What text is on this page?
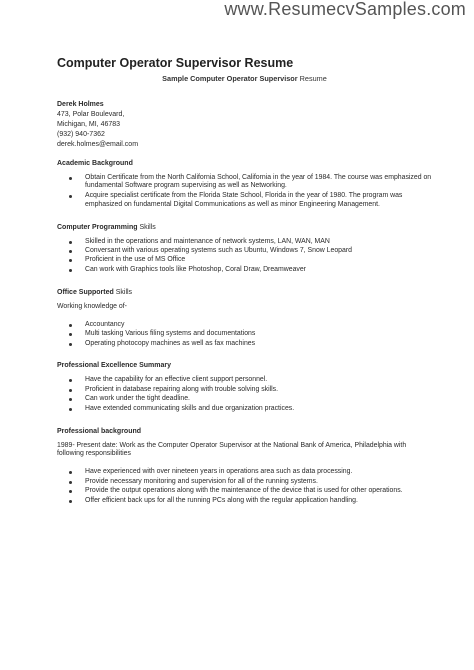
www.ResumecvSamples.com
Computer Operator Supervisor Resume
Sample Computer Operator Supervisor Resume
Derek Holmes
473, Polar Boulevard,
Michigan, MI, 46783
(932) 940-7362
derek.holmes@email.com
Academic Background
Obtain Certificate from the North California School, California in the year of 1984. The course was emphasized on fundamental Software program supervising as well as Networking.
Acquire specialist certificate from the Florida State School, Florida in the year of 1980. The program was emphasized on fundamental Digital Communications as well as minor Engineering Management.
Computer Programming Skills
Skilled in the operations and maintenance of network systems, LAN, WAN, MAN
Conversant with various operating systems such as Ubuntu, Windows 7, Snow Leopard
Proficient in the use of MS Office
Can work with Graphics tools like Photoshop, Coral Draw, Dreamweaver
Office Supported Skills
Working knowledge of-
Accountancy
Multi tasking Various filing systems and documentations
Operating photocopy machines as well as fax machines
Professional Excellence Summary
Have the capability for an effective client support personnel.
Proficient in database repairing along with trouble solving skills.
Can work under the tight deadline.
Have extended communicating skills and due organization practices.
Professional background
1989- Present date: Work as the Computer Operator Supervisor at the National Bank of America, Philadelphia with following responsibilities
Have experienced with over nineteen years in operations area such as data processing.
Provide necessary monitoring and supervision for all of the running systems.
Provide the output operations along with the maintenance of the device that is used for other operations.
Offer efficient back ups for all the running PCs along with the regular application handling.
